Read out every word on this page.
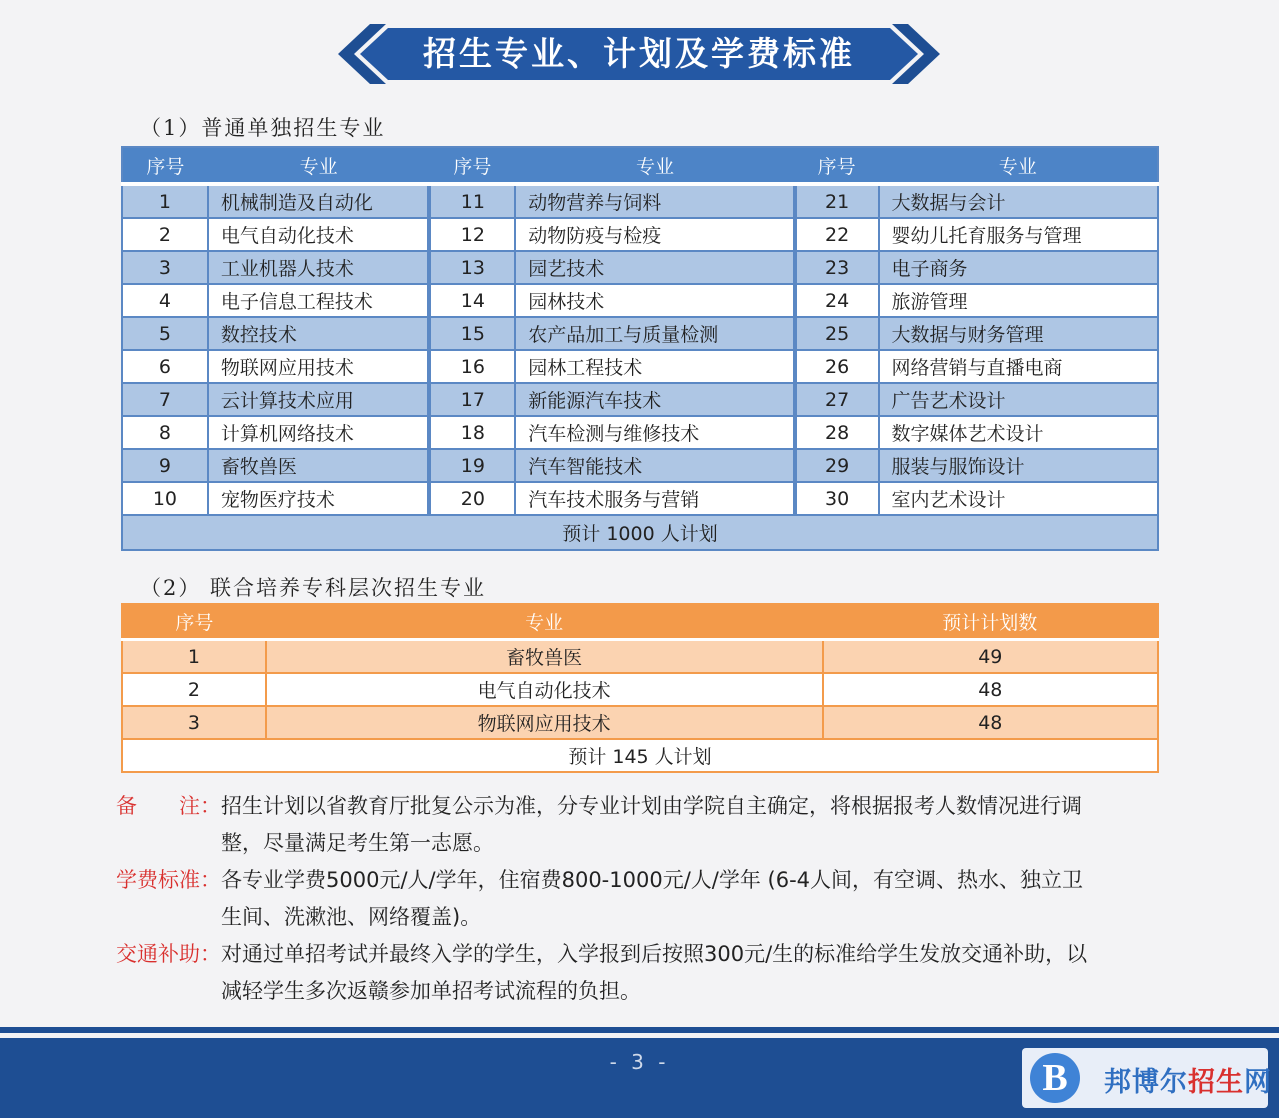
招生专业、计划及学费标准
（1）普通单独招生专业
序号	专业	序号	专业	序号	专业
1	机械制造及自动化	11	动物营养与饲料	21	大数据与会计
2	电气自动化技术	12	动物防疫与检疫	22	婴幼儿托育服务与管理
3	工业机器人技术	13	园艺技术	23	电子商务
4	电子信息工程技术	14	园林技术	24	旅游管理
5	数控技术	15	农产品加工与质量检测	25	大数据与财务管理
6	物联网应用技术	16	园林工程技术	26	网络营销与直播电商
7	云计算技术应用	17	新能源汽车技术	27	广告艺术设计
8	计算机网络技术	18	汽车检测与维修技术	28	数字媒体艺术设计
9	畜牧兽医	19	汽车智能技术	29	服装与服饰设计
10	宠物医疗技术	20	汽车技术服务与营销	30	室内艺术设计
预计 1000 人计划					
（2） 联合培养专科层次招生专业
序号	专业	预计计划数
1	畜牧兽医	49
2	电气自动化技术	48
3	物联网应用技术	48
预计 145 人计划		
备　　注：招生计划以省教育厅批复公示为准，分专业计划由学院自主确定，将根据报考人数情况进行调
整，尽量满足考生第一志愿。
学费标准：各专业学费5000元/人/学年，住宿费800-1000元/人/学年 (6-4人间，有空调、热水、独立卫
生间、洗漱池、网络覆盖)。
交通补助：对通过单招考试并最终入学的学生，入学报到后按照300元/生的标准给学生发放交通补助，以
减轻学生多次返赣参加单招考试流程的负担。
- 3 -	B	邦博尔招生网
